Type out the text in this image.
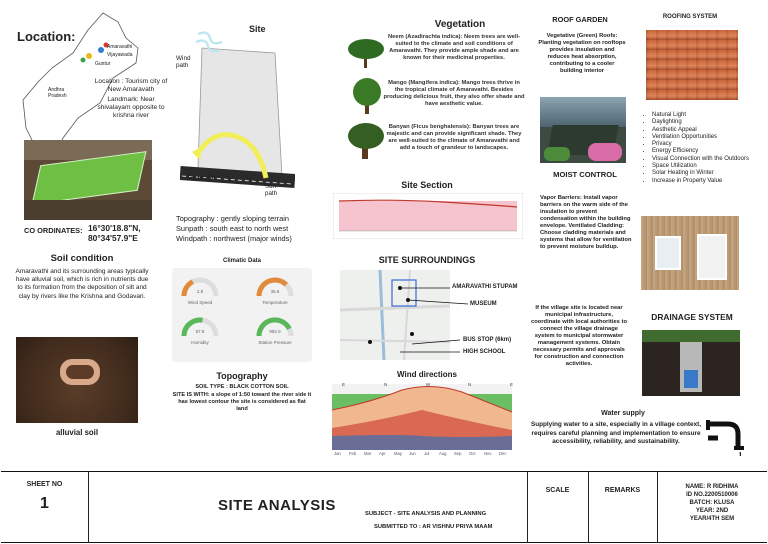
Location:
Amaravathi
Vijayawada
Guntur
Andhra Pradesh
Location : Tourism city of New Amaravath
Landmark: Near shivalayam opposite to krishna river
CO ORDINATES: 16°30'18.8"N, 80°34'57.9"E
Soil condition
Amaravathi and its surrounding areas typically have alluvial soil, which is rich in nutrients due to its formation from the deposition of silt and clay by rivers like the Krishna and Godavari.
alluvial soil
Site
Wind path
5m ROAD
Sun path
Topography : gently sloping terrain
Sunpath : south east to north west
Windpath : northwest (major winds)
Climatic Data
2.9
Wind Speed
36.8
Temperature
57.8
Humidity
982.9
Station Pressure
Topography
SOIL TYPE : BLACK COTTON SOIL
SITE IS WITH: a slope of 1:50 toward the river side it has lowest contour the site is considered as flat land
Vegetation
Neem (Azadirachta indica): Neem trees are well-suited to the climate and soil conditions of Amaravathi. They provide ample shade and are known for their medicinal properties.
Mango (Mangifera indica): Mango trees thrive in the tropical climate of Amaravathi. Besides producing delicious fruit, they also offer shade and have aesthetic value.
Banyan (Ficus benghalensis): Banyan trees are majestic and can provide significant shade. They are well-suited to the climate of Amaravathi and add a touch of grandeur to landscapes.
Site Section
SITE SURROUNDINGS
AMARAVATHI STUPAM
MUSEUM
BUS STOP (6km)
HIGH SCHOOL
Wind directions
E	N	W	N	E
Jan Feb Mar Apr May Jun Jul Aug Sep Oct Nov Dec
ROOF GARDEN
Vegetative (Green) Roofs: Planting vegetation on rooftops provides insulation and reduces heat absorption, contributing to a cooler building interior
ROOFING SYSTEM
• Natural Light
• Daylighting
• Aesthetic Appeal
• Ventilation Opportunities
• Privacy
• Energy Efficiency
• Visual Connection with the Outdoors
• Space Utilization
• Solar Heating in Winter
• Increase in Property Value
MOIST CONTROL
Vapor Barriers: Install vapor barriers on the warm side of the insulation to prevent condensation within the building envelope. Ventilated Cladding: Choose cladding materials and systems that allow for ventilation to prevent moisture buildup.
If the village site is located near municipal infrastructure, coordinate with local authorities to connect the village drainage system to municipal stormwater management systems. Obtain necessary permits and approvals for construction and connection activities.
DRAINAGE SYSTEM
Water supply
Supplying water to a site, especially in a village context, requires careful planning and implementation to ensure accessibility, reliability, and sustainability.
SHEET NO
1	SITE ANALYSIS	SUBJECT - SITE ANALYSIS AND PLANNING
SUBMITTED TO : AR VISHNU PRIYA MAAM
SCALE	REMARKS	NAME: R RIDHIMA
ID NO.2200510006
BATCH: KLUSA
YEAR: 2ND
YEAR/4TH SEM
